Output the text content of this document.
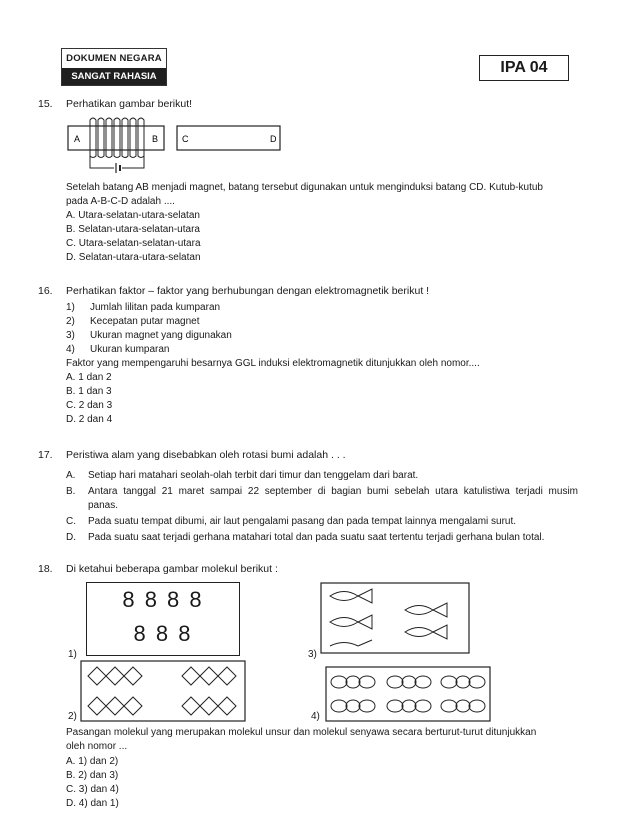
DOKUMEN NEGARA
SANGAT RAHASIA
IPA 04
15. Perhatikan gambar berikut!
A	B	C	D
Setelah batang AB menjadi magnet, batang tersebut digunakan untuk menginduksi batang CD. Kutub-kutub
pada A-B-C-D adalah ....
A. Utara-selatan-utara-selatan
B. Selatan-utara-selatan-utara
C. Utara-selatan-selatan-utara
D. Selatan-utara-utara-selatan
16. Perhatikan faktor – faktor yang berhubungan dengan elektromagnetik berikut !
1) Jumlah lilitan pada kumparan
2) Kecepatan putar magnet
3) Ukuran magnet yang digunakan
4) Ukuran kumparan
Faktor yang mempengaruhi besarnya GGL induksi elektromagnetik ditunjukkan oleh nomor....
A. 1 dan 2
B. 1 dan 3
C. 2 dan 3
D. 2 dan 4
17. Peristiwa alam yang disebabkan oleh rotasi bumi adalah . . .
A. Setiap hari matahari seolah-olah terbit dari timur dan tenggelam dari barat.
B. Antara tanggal 21 maret sampai 22 september di bagian bumi sebelah utara katulistiwa terjadi musim
panas.
C. Pada suatu tempat dibumi, air laut pengalami pasang dan pada tempat lainnya mengalami surut.
D. Pada suatu saat terjadi gerhana matahari total dan pada suatu saat tertentu terjadi gerhana bulan total.
18. Di ketahui beberapa gambar molekul berikut :
8 8 8 8
8 8 8
1)
2)
3)
4)
Pasangan molekul yang merupakan molekul unsur dan molekul senyawa secara berturut-turut ditunjukkan
oleh nomor ...
A. 1) dan 2)
B. 2) dan 3)
C. 3) dan 4)
D. 4) dan 1)
